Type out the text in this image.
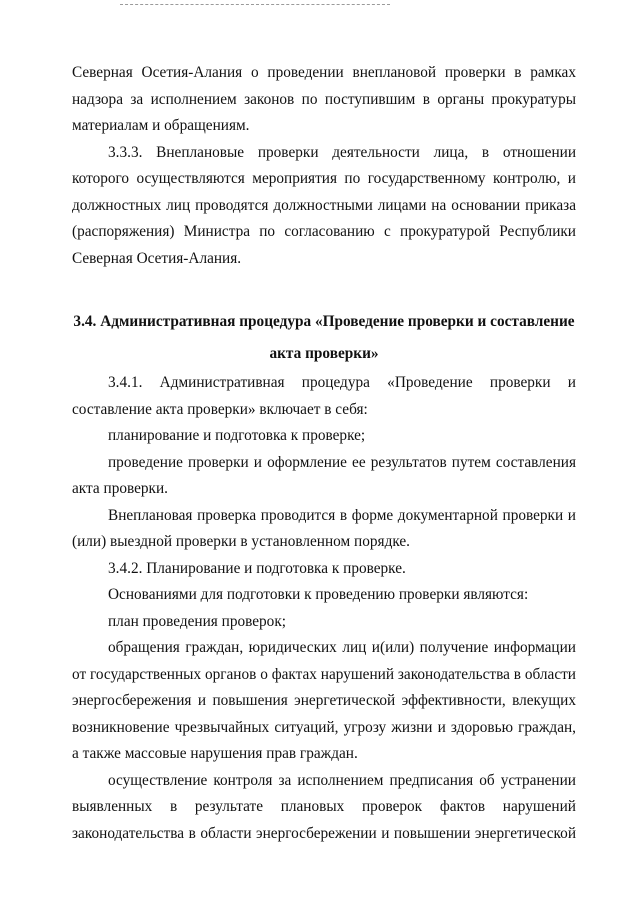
Северная Осетия-Алания о проведении внеплановой проверки в рамках надзора за исполнением законов по поступившим в органы прокуратуры материалам и обращениям.

3.3.3. Внеплановые проверки деятельности лица, в отношении которого осуществляются мероприятия по государственному контролю, и должностных лиц проводятся должностными лицами на основании приказа (распоряжения) Министра по согласованию с прокуратурой Республики Северная Осетия-Алания.

3.4. Административная процедура «Проведение проверки и составление акта проверки»

3.4.1. Административная процедура «Проведение проверки и составление акта проверки» включает в себя:

планирование и подготовка к проверке;

проведение проверки и оформление ее результатов путем составления акта проверки.

Внеплановая проверка проводится в форме документарной проверки и (или) выездной проверки в установленном порядке.

3.4.2. Планирование и подготовка к проверке.

Основаниями для подготовки к проведению проверки являются:

план проведения проверок;

обращения граждан, юридических лиц и(или) получение информации от государственных органов о фактах нарушений законодательства в области энергосбережения и повышения энергетической эффективности, влекущих возникновение чрезвычайных ситуаций, угрозу жизни и здоровью граждан, а также массовые нарушения прав граждан.

осуществление контроля за исполнением предписания об устранении выявленных в результате плановых проверок фактов нарушений законодательства в области энергосбережении и повышении энергетической
